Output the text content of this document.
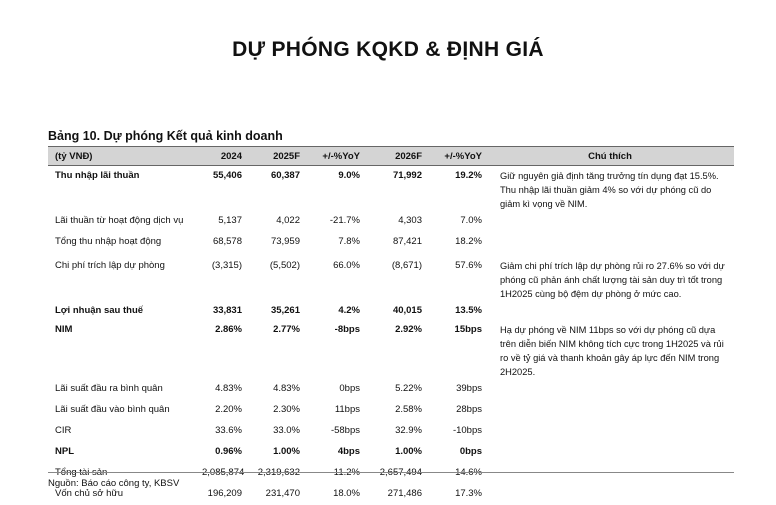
DỰ PHÓNG KQKD & ĐỊNH GIÁ
Bảng 10. Dự phóng Kết quả kinh doanh
(tỷ VNĐ)	2024	2025F	+/-%YoY	2026F	+/-%YoY	Chú thích
Thu nhập lãi thuần	55,406	60,387	9.0%	71,992	19.2%	Giữ nguyên giả định tăng trưởng tín dụng đạt 15.5%. Thu nhập lãi thuần giảm 4% so với dự phóng cũ do giảm kì vọng về NIM.
Lãi thuần từ hoạt động dịch vụ	5,137	4,022	-21.7%	4,303	7.0%	
Tổng thu nhập hoạt động	68,578	73,959	7.8%	87,421	18.2%	
Chi phí trích lập dự phòng	(3,315)	(5,502)	66.0%	(8,671)	57.6%	Giảm chi phí trích lập dự phòng rủi ro 27.6% so với dự phóng cũ phản ánh chất lượng tài sản duy trì tốt trong 1H2025 cùng bộ đệm dự phòng ở mức cao.
Lợi nhuận sau thuế	33,831	35,261	4.2%	40,015	13.5%	
NIM	2.86%	2.77%	-8bps	2.92%	15bps	Hạ dự phóng về NIM 11bps so với dự phóng cũ dựa trên diễn biến NIM không tích cực trong 1H2025 và rủi ro về tỷ giá và thanh khoản gây áp lực đến NIM trong 2H2025.
Lãi suất đầu ra bình quân	4.83%	4.83%	0bps	5.22%	39bps	
Lãi suất đầu vào bình quân	2.20%	2.30%	11bps	2.58%	28bps	
CIR	33.6%	33.0%	-58bps	32.9%	-10bps	
NPL	0.96%	1.00%	4bps	1.00%	0bps	
Tổng tài sản	2,085,874	2,319,632	11.2%	2,657,494	14.6%	
Vốn chủ sở hữu	196,209	231,470	18.0%	271,486	17.3%	
Nguồn: Báo cáo công ty, KBSV
